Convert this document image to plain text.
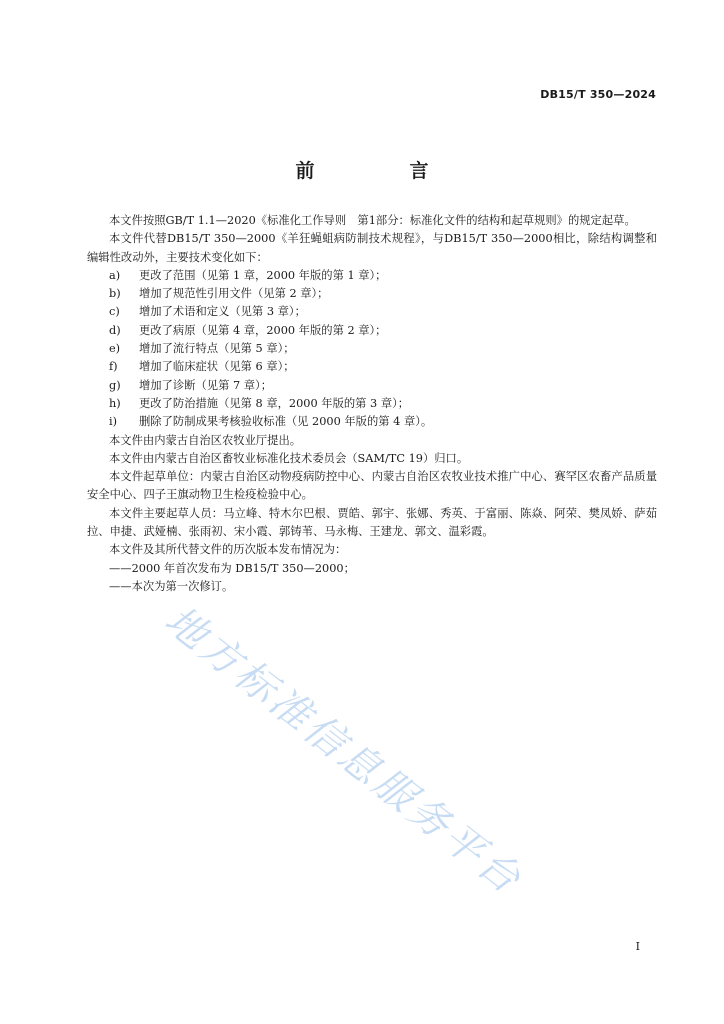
DB15/T 350—2024
前　言

本文件按照GB/T 1.1—2020《标准化工作导则　第1部分：标准化文件的结构和起草规则》的规定起草。

本文件代替DB15/T 350—2000《羊狂蝇蛆病防制技术规程》，与DB15/T 350—2000相比，除结构调整和编辑性改动外，主要技术变化如下：

a) 更改了范围（见第 1 章，2000 年版的第 1 章）；

b) 增加了规范性引用文件（见第 2 章）；

c) 增加了术语和定义（见第 3 章）；

d) 更改了病原（见第 4 章，2000 年版的第 2 章）；

e) 增加了流行特点（见第 5 章）；

f) 增加了临床症状（见第 6 章）；

g) 增加了诊断（见第 7 章）；

h) 更改了防治措施（见第 8 章，2000 年版的第 3 章）；

i) 删除了防制成果考核验收标准（见 2000 年版的第 4 章）。

本文件由内蒙古自治区农牧业厅提出。

本文件由内蒙古自治区畜牧业标准化技术委员会（SAM/TC 19）归口。

本文件起草单位：内蒙古自治区动物疫病防控中心、内蒙古自治区农牧业技术推广中心、赛罕区农畜产品质量安全中心、四子王旗动物卫生检疫检验中心。

本文件主要起草人员：马立峰、特木尔巴根、贾皓、郭宇、张娜、秀英、于富丽、陈焱、阿荣、樊凤娇、萨茹拉、申捷、武娅楠、张雨初、宋小霞、郭铸苇、马永梅、王建龙、郭文、温彩霞。

本文件及其所代替文件的历次版本发布情况为：

——2000 年首次发布为 DB15/T 350—2000；

——本次为第一次修订。

地方标准信息服务平台
I
